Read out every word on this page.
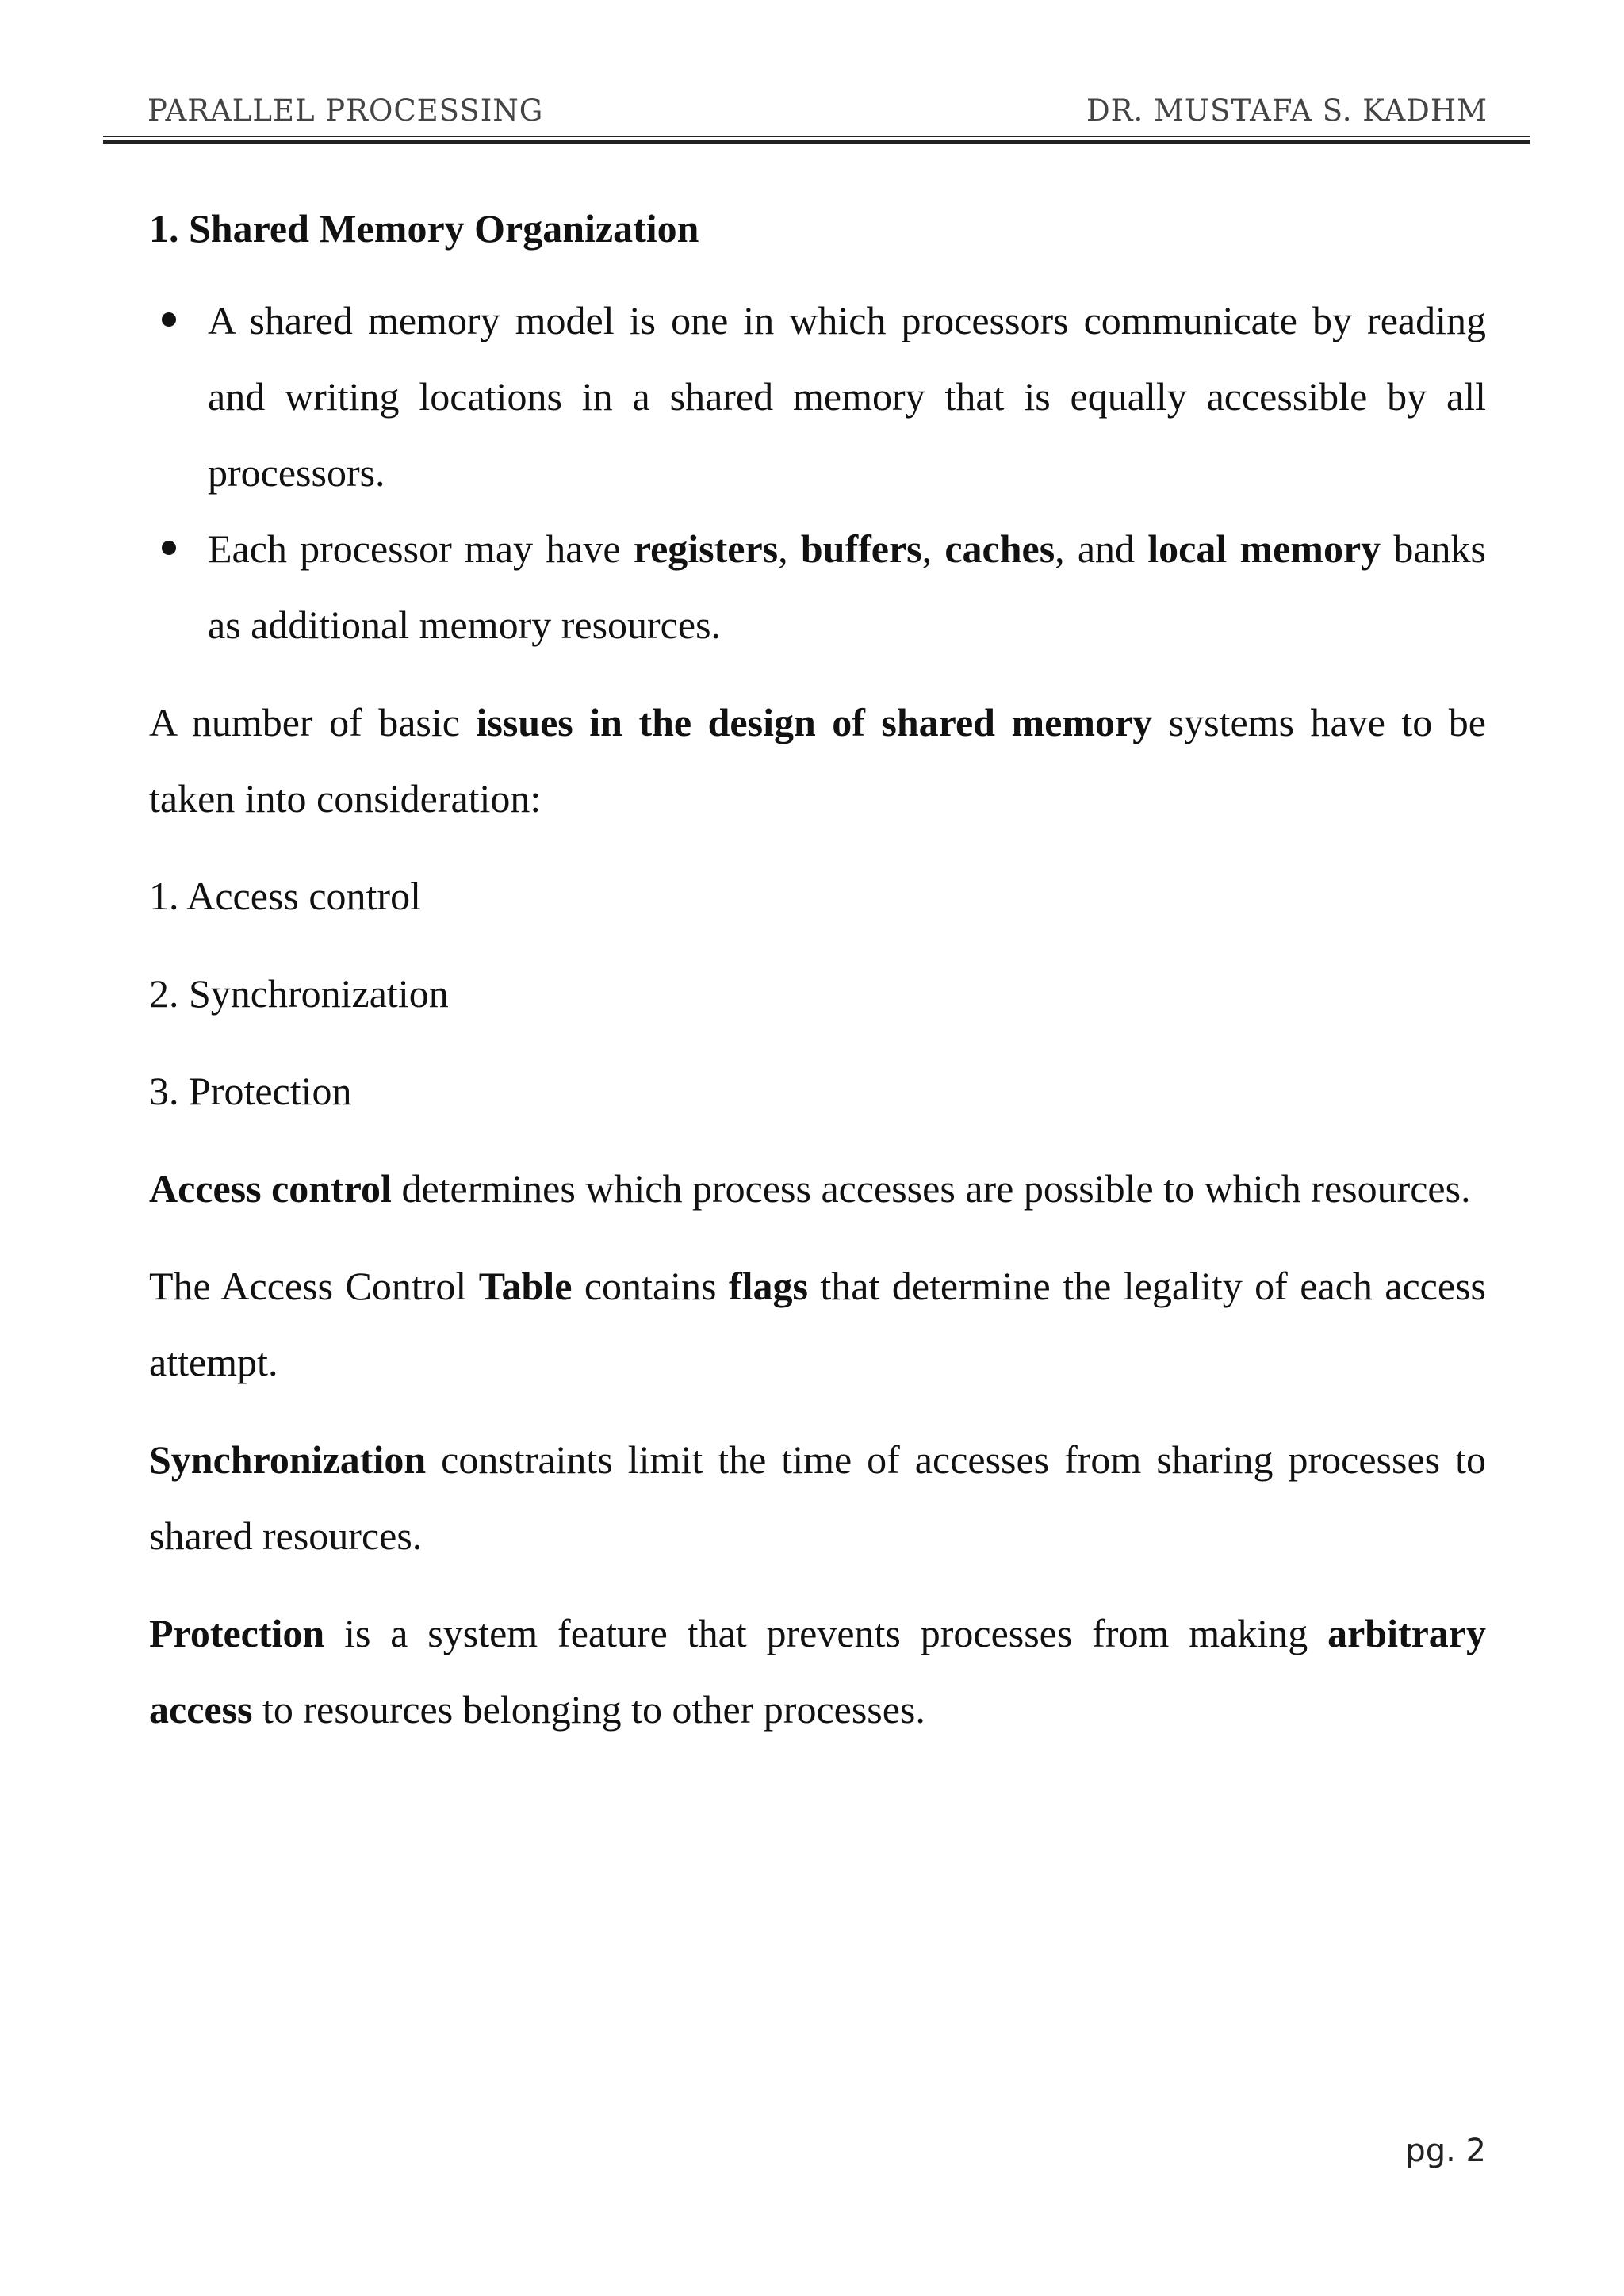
PARALLEL PROCESSING	DR. MUSTAFA S. KADHM

1. Shared Memory Organization

A shared memory model is one in which processors communicate by reading and writing locations in a shared memory that is equally accessible by all processors.
Each processor may have registers, buffers, caches, and local memory banks as additional memory resources.

A number of basic issues in the design of shared memory systems have to be taken into consideration:

1. Access control

2. Synchronization

3. Protection

Access control determines which process accesses are possible to which resources.

The Access Control Table contains flags that determine the legality of each access attempt.

Synchronization constraints limit the time of accesses from sharing processes to shared resources.

Protection is a system feature that prevents processes from making arbitrary access to resources belonging to other processes.

pg. 2
